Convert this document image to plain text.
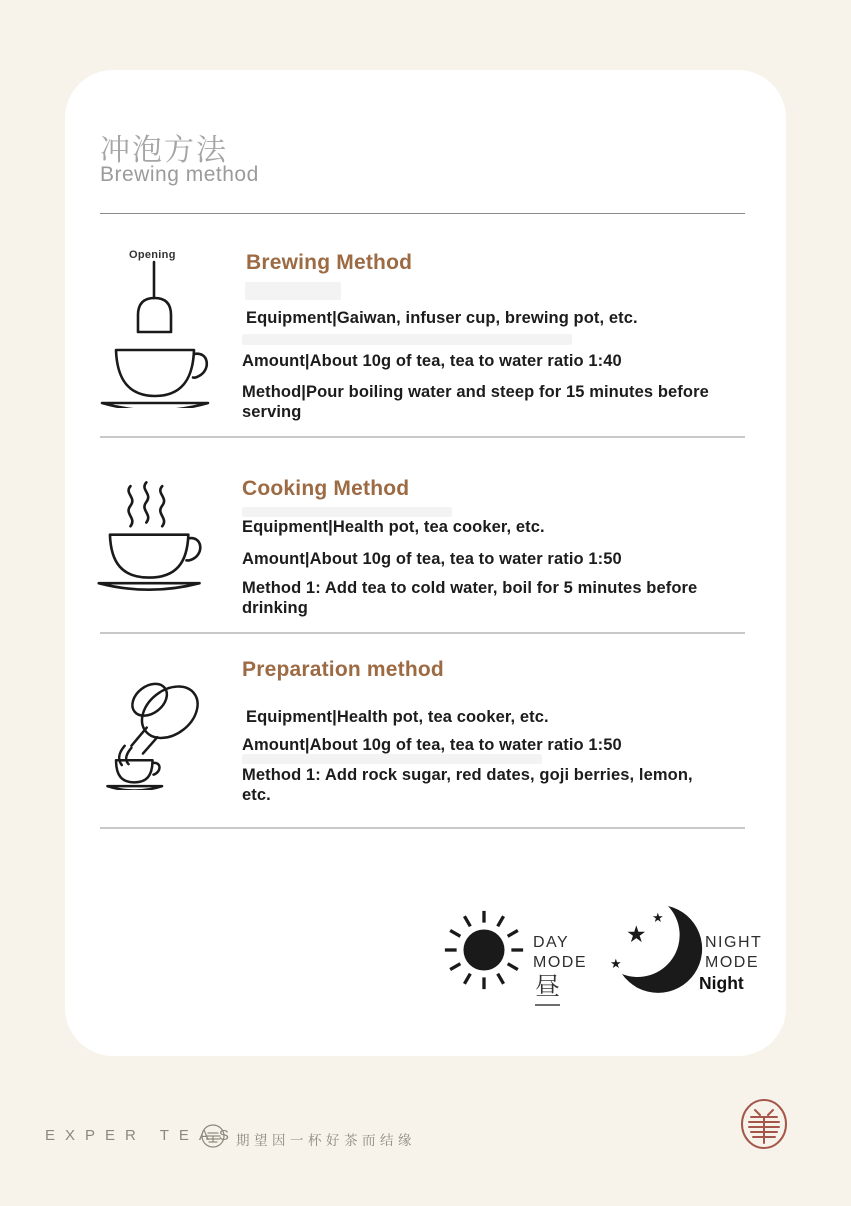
冲泡方法
Brewing method
Opening	Brewing Method
Equipment|Gaiwan, infuser cup, brewing pot, etc.
Amount|About 10g of tea, tea to water ratio 1:40
Method|Pour boiling water and steep for 15 minutes before serving
Cooking Method
Equipment|Health pot, tea cooker, etc.
Amount|About 10g of tea, tea to water ratio 1:50
Method 1: Add tea to cold water, boil for 5 minutes before drinking
Preparation method
Equipment|Health pot, tea cooker, etc.
Amount|About 10g of tea, tea to water ratio 1:50
Method 1: Add rock sugar, red dates, goji berries, lemon, etc.
DAY
MODE
昼
★
★
★
NIGHT
MODE
Night
EXPER TEAS
期望因一杯好茶而结缘
